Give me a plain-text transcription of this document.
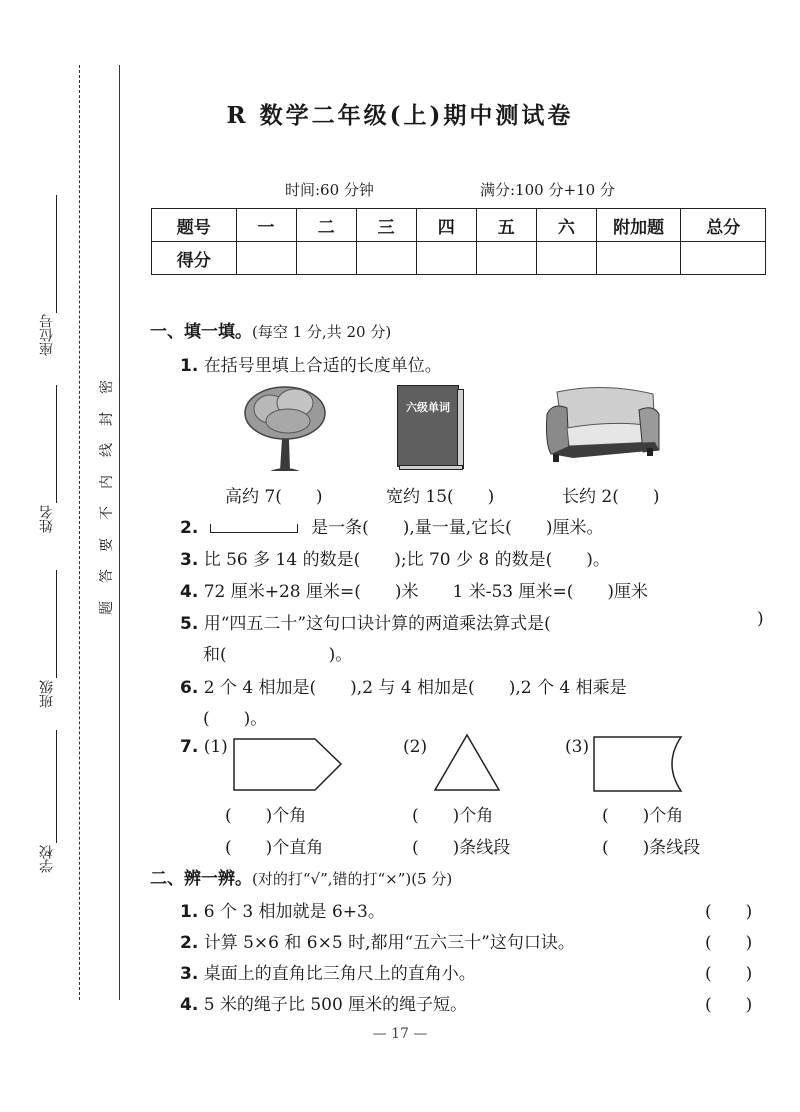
座位号
姓名
班级
学校
密
封
线
内
不
要
答
题
R 数学二年级(上)期中测试卷
时间:60 分钟	满分:100 分+10 分
题号	一	二	三	四	五	六	附加题	总分
得分								
一、填一填。(每空 1 分,共 20 分)
1. 在括号里填上合适的长度单位。
六级单词
高约 7(　　)	宽约 15(　　)	长约 2(　　)
2.	是一条(　　),量一量,它长(　　)厘米。
3. 比 56 多 14 的数是(　　);比 70 少 8 的数是(　　)。
4. 72 厘米+28 厘米=(　　)米　　1 米-53 厘米=(　　)厘米
5. 用“四五二十”这句口诀计算的两道乘法算式是(	)
和(　　　　　　)。
6. 2 个 4 相加是(　　),2 与 4 相加是(　　),2 个 4 相乘是
(　　)。
7. (1)	(2)	(3)
(　　)个角	(　　)个角	(　　)个角
(　　)个直角	(　　)条线段	(　　)条线段
二、辨一辨。(对的打“√”,错的打“×”)(5 分)
1. 6 个 3 相加就是 6+3。	(　　)
2. 计算 5×6 和 6×5 时,都用“五六三十”这句口诀。	(　　)
3. 桌面上的直角比三角尺上的直角小。	(　　)
4. 5 米的绳子比 500 厘米的绳子短。	(　　)
— 17 —
